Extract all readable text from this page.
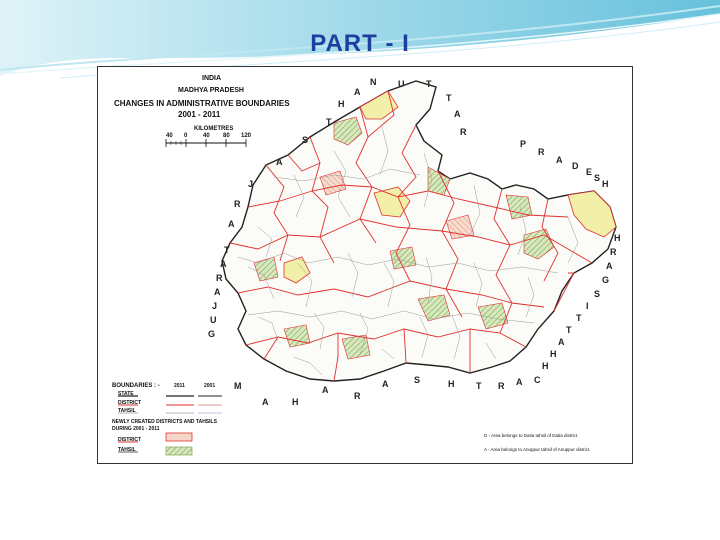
PART - I
U T
T
A
R
P
R
A
D
E
S
H
R
A
J
A
S
T
H
A
N
G
U
J
A
R
A
T
C
H
H
A
T
T
I
S
G
A
R
H
M
A	H
A
R
A	S	H T R A
INDIA
MADHYA PRADESH
CHANGES IN ADMINISTRATIVE BOUNDARIES
2001 - 2011
KILOMETRES
40 0	40 80 120
BOUNDARIES : -	2011	2001
STATE
DISTRICT
TAHSIL
NEWLY CREATED DISTRICTS AND TAHSILS
DURING 2001 - 2011
DISTRICT
TAHSIL
D - Area belongs to Datia tahsil of Datia district.
A - Area belongs to Anuppur tahsil of Anuppur district.
